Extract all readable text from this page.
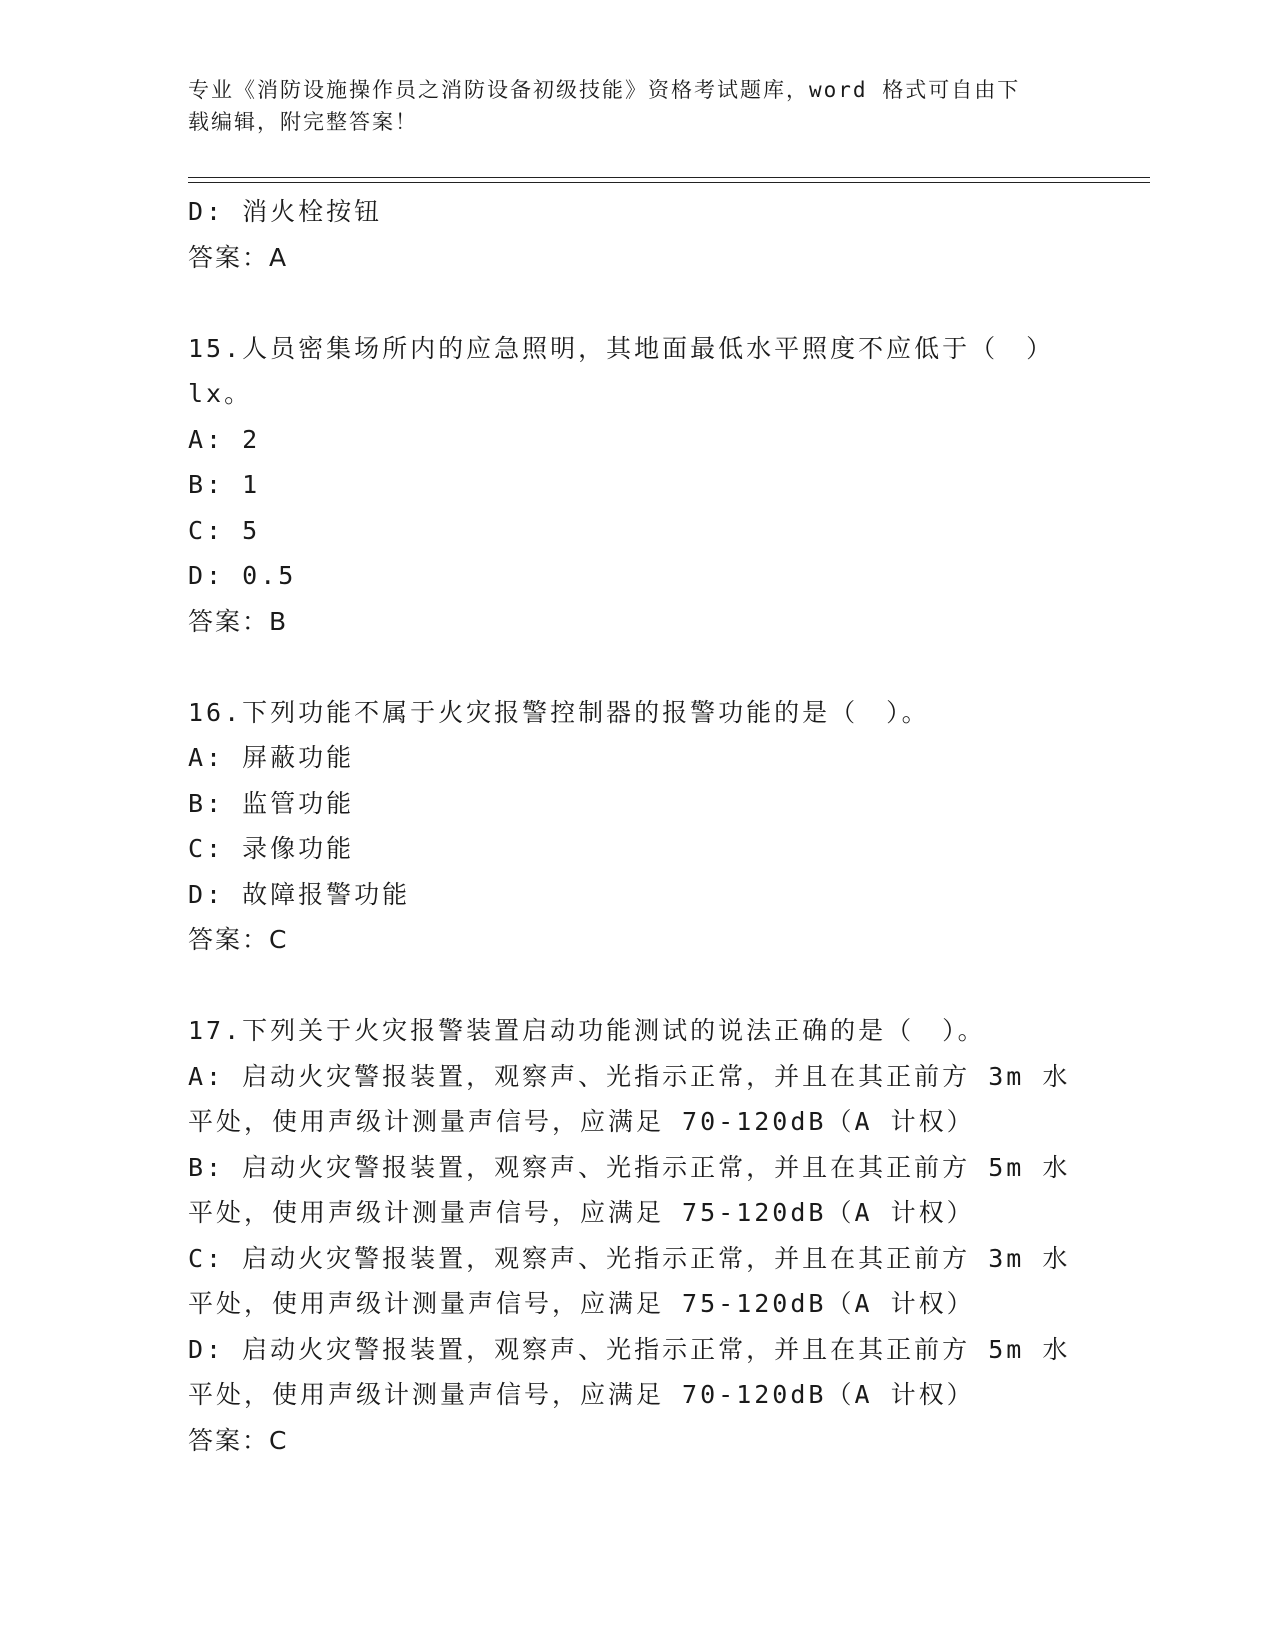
专业《消防设施操作员之消防设备初级技能》资格考试题库，word 格式可自由下

载编辑，附完整答案！

D: 消火栓按钮

答案：A

15.人员密集场所内的应急照明，其地面最低水平照度不应低于（　）

lx。

A: 2

B: 1

C: 5

D: 0.5

答案：B

16.下列功能不属于火灾报警控制器的报警功能的是（　）。

A: 屏蔽功能

B: 监管功能

C: 录像功能

D: 故障报警功能

答案：C

17.下列关于火灾报警装置启动功能测试的说法正确的是（　）。

A: 启动火灾警报装置，观察声、光指示正常，并且在其正前方 3m 水

平处，使用声级计测量声信号，应满足 70-120dB（A 计权）

B: 启动火灾警报装置，观察声、光指示正常，并且在其正前方 5m 水

平处，使用声级计测量声信号，应满足 75-120dB（A 计权）

C: 启动火灾警报装置，观察声、光指示正常，并且在其正前方 3m 水

平处，使用声级计测量声信号，应满足 75-120dB（A 计权）

D: 启动火灾警报装置，观察声、光指示正常，并且在其正前方 5m 水

平处，使用声级计测量声信号，应满足 70-120dB（A 计权）

答案：C
